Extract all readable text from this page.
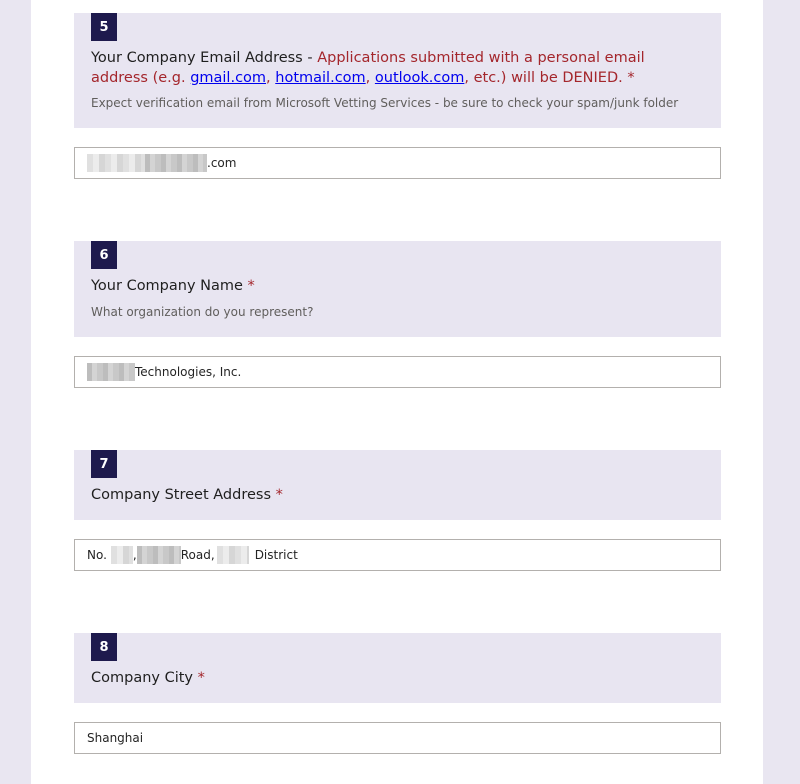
5
Your Company Email Address - Applications submitted with a personal email address (e.g. gmail.com, hotmail.com, outlook.com, etc.) will be DENIED. *
Expect verification email from Microsoft Vetting Services - be sure to check your spam/junk folder
.com
6
Your Company Name *
What organization do you represent?
Technologies, Inc.
7
Company Street Address *
No. ,	Road,	District
8
Company City *
Shanghai
